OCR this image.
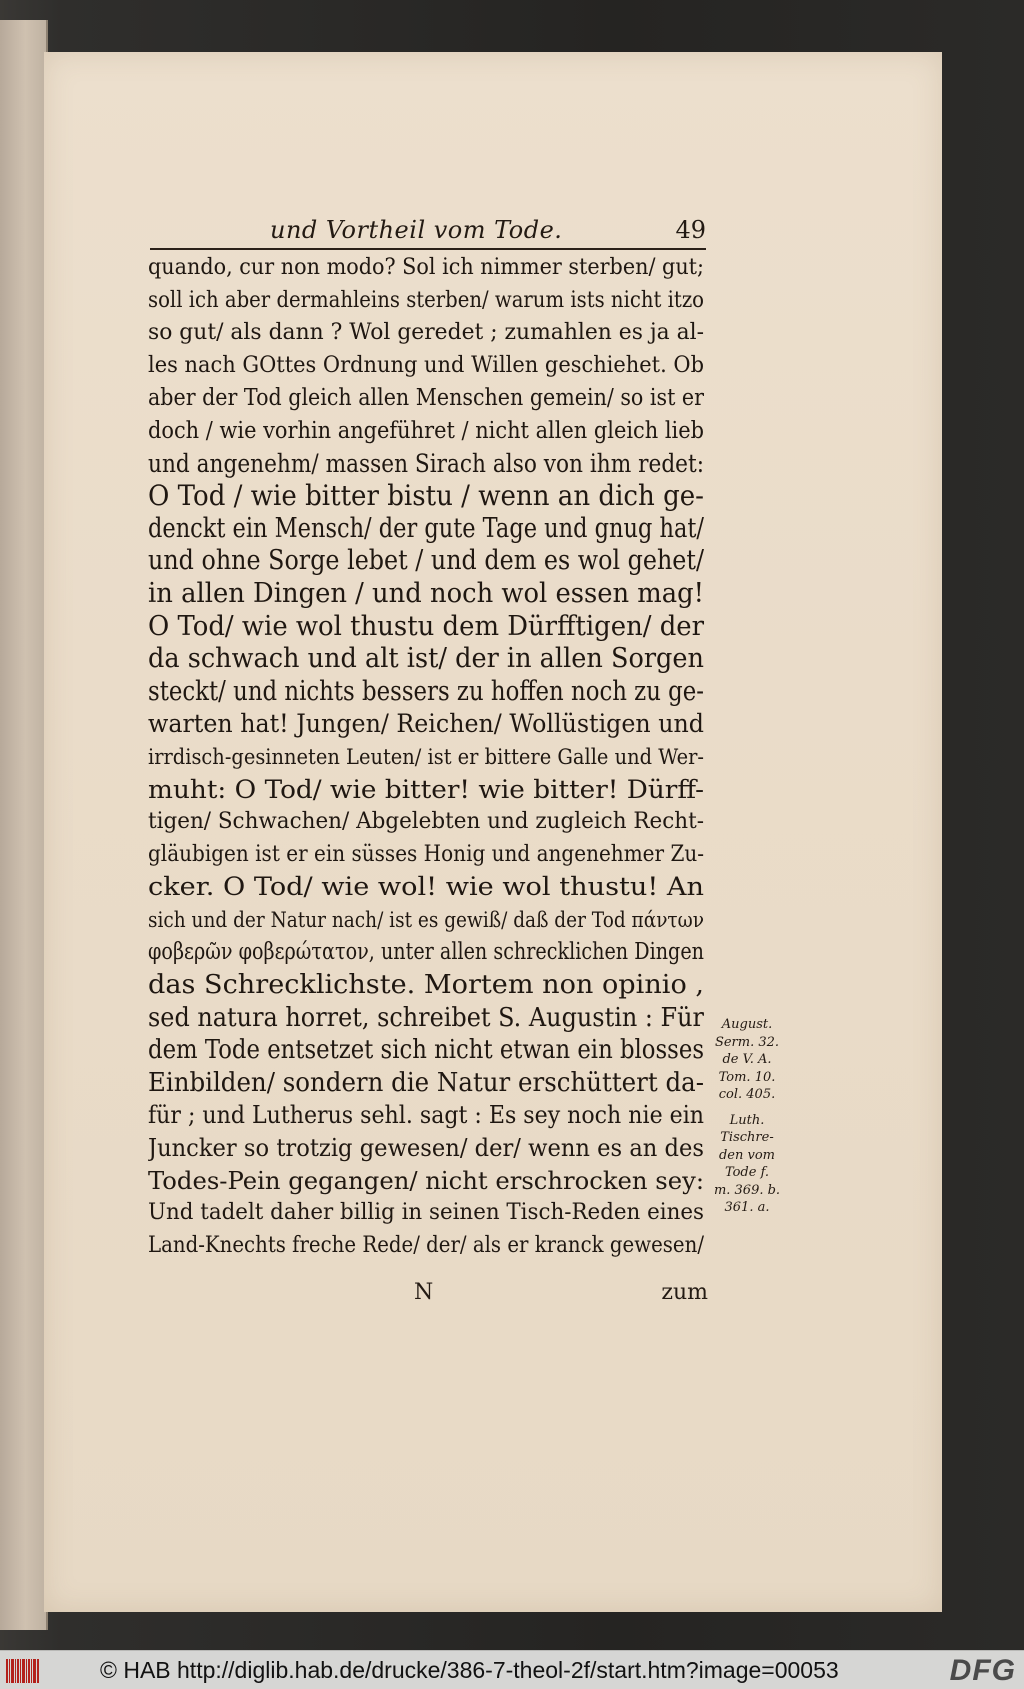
und Vortheil vom Tode.	49
quando, cur non modo? Sol ich nimmer sterben/ gut;
soll ich aber dermahleins sterben/ warum ists nicht itzo
so gut/ als dann ? Wol geredet ; zumahlen es ja al-
les nach GOttes Ordnung und Willen geschiehet. Ob
aber der Tod gleich allen Menschen gemein/ so ist er
doch / wie vorhin angeführet / nicht allen gleich lieb
und angenehm/ massen Sirach also von ihm redet:
O Tod / wie bitter bistu / wenn an dich ge-
denckt ein Mensch/ der gute Tage und gnug hat/
und ohne Sorge lebet / und dem es wol gehet/
in allen Dingen / und noch wol essen mag!
O Tod/ wie wol thustu dem Dürfftigen/ der
da schwach und alt ist/ der in allen Sorgen
steckt/ und nichts bessers zu hoffen noch zu ge-
warten hat! Jungen/ Reichen/ Wollüstigen und
irrdisch-gesinneten Leuten/ ist er bittere Galle und Wer-
muht: O Tod/ wie bitter! wie bitter! Dürff-
tigen/ Schwachen/ Abgelebten und zugleich Recht-
gläubigen ist er ein süsses Honig und angenehmer Zu-
cker. O Tod/ wie wol! wie wol thustu! An
sich und der Natur nach/ ist es gewiß/ daß der Tod πάντων
φοβερῶν φοβερώτατον, unter allen schrecklichen Dingen
das Schrecklichste. Mortem non opinio ,
sed natura horret, schreibet S. Augustin : Für
dem Tode entsetzet sich nicht etwan ein blosses
Einbilden/ sondern die Natur erschüttert da-
für ; und Lutherus sehl. sagt : Es sey noch nie ein
Juncker so trotzig gewesen/ der/ wenn es an des
Todes-Pein gegangen/ nicht erschrocken sey:
Und tadelt daher billig in seinen Tisch-Reden eines
Land-Knechts freche Rede/ der/ als er kranck gewesen/
August.
Serm. 32.
de V. A.
Tom. 10.
col. 405.
Luth.
Tischre-
den vom
Tode f.
m. 369. b.
361. a.
N	zum
© HAB http://diglib.hab.de/drucke/386-7-theol-2f/start.htm?image=00053	DFG
